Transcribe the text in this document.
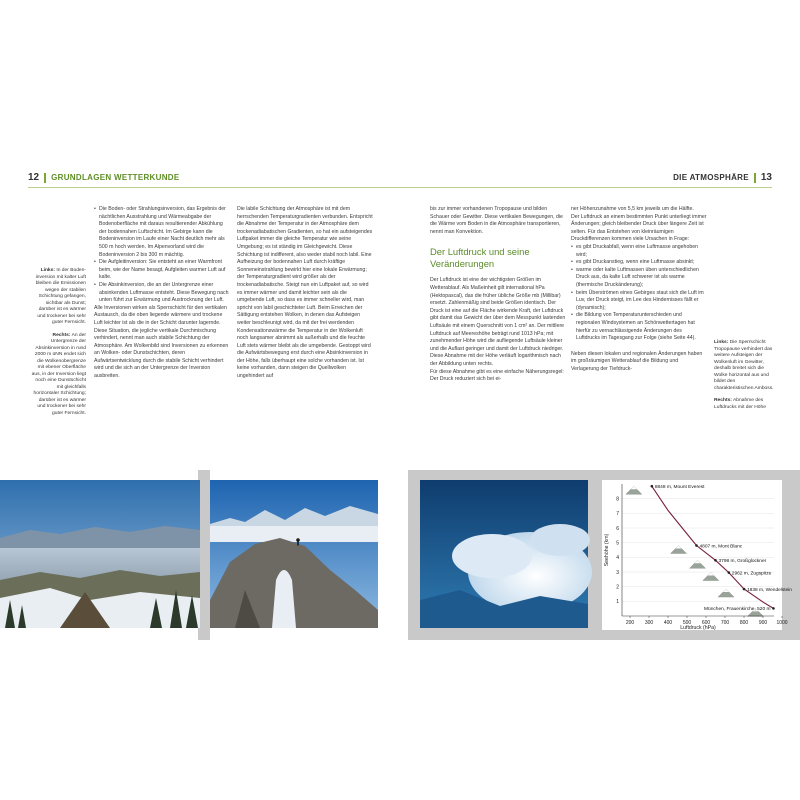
12 GRUNDLAGEN WETTERKUNDE	DIE ATMOSPHÄRE 13

Links: In der Boden-inversion mit kalter Luft bleiben die Emissionen wegen der stabilen Schichtung gefangen, sichtbar als Dunst; darüber ist es wärmer und trockener bei sehr guter Fernsicht.

Rechts: An der Untergrenze der Absinkinversion in rund 2000 m üNN endet sich die Wolkenobergrenze mit ebener Oberfläche aus, in der Inversion liegt noch eine Dunstschicht mit gleichfalls horizontaler Schichtung; darüber ist es wärmer und trockener bei sehr guter Fernsicht.

• Die Boden- oder Strahlungsinversion, das Ergebnis der nächtlichen Ausstrahlung und Wärmeabgabe der Bodenoberfläche mit daraus resultierender Abkühlung der bodennahen Luftschicht. Im Gebirge kann die Bodeninversion im Laufe einer Nacht deutlich mehr als 500 m hoch werden. Im Alpenvorland wird die Bodeninversion 2 bis 300 m mächtig.

• Die Aufgleitinversion: Sie entsteht an einer Warmfront beim, wie der Name besagt, Aufgleiten warmer Luft auf kalte.

• Die Absinkinversion, die an der Untergrenze einer absinkenden Luftmasse entsteht. Diese Bewegung nach unten führt zur Erwärmung und Austrocknung der Luft.

Alle Inversionen wirken als Sperrschicht für den vertikalen Austausch, da die oben liegende wärmere und trockene Luft leichter ist als die in der Schicht darunter lagernde. Diese Situation, die jegliche vertikale Durchmischung verhindert, nennt man auch stabile Schichtung der Atmosphäre. Am Wolkenbild sind Inversionen zu erkennen an Wolken- oder Dunstschichten, deren Aufwärtsentwicklung durch die stabile Schicht verhindert wird und die sich an der Untergrenze der Inversion ausbreiten.

Die labile Schichtung der Atmosphäre ist mit dem herrschenden Temperaturgradienten verbunden. Entspricht die Abnahme der Temperatur in der Atmosphäre dem trockenadiabatischen Gradienten, so hat ein aufsteigendes Luftpaket immer die gleiche Temperatur wie seine Umgebung; es ist ständig im Gleichgewicht. Diese Schichtung ist indifferent, also weder stabil noch labil. Eine Aufheizung der bodennahen Luft durch kräftige Sonneneinstrahlung bewirkt hier eine lokale Erwärmung; der Temperaturgradient wird größer als der trockenadiabatische. Steigt nun ein Luftpaket auf, so wird es immer wärmer und damit leichter sein als die umgebende Luft, so dass es immer schneller wird, man spricht von labil geschichteter Luft. Beim Erreichen der Sättigung entstehen Wolken, in denen das Aufsteigen weiter beschleunigt wird, da mit der frei werdenden Kondensationswärme die Temperatur in der Wolkenluft noch langsamer abnimmt als außerhalb und die feuchte Luft stets wärmer bleibt als die umgebende. Gestoppt wird die Aufwärtsbewegung erst durch eine Absinkinversion in der Höhe, falls überhaupt eine solche vorhanden ist. Ist keine vorhanden, dann steigen die Quellwolken ungehindert auf

bis zur immer vorhandenen Tropopause und bilden Schauer oder Gewitter. Diese vertikalen Bewegungen, die die Wärme vom Boden in die Atmosphäre transportieren, nennt man Konvektion.

Der Luftdruck und seine Veränderungen

Der Luftdruck ist eine der wichtigsten Größen im Wetterablauf. Als Maßeinheit gilt international hPa (Hektopascal), das die früher übliche Größe mb (Millibar) ersetzt. Zahlenmäßig sind beide Größen identisch. Der Druck ist eine auf die Fläche wirkende Kraft, der Luftdruck gibt damit das Gewicht der über dem Messpunkt lastenden Luftsäule mit einem Querschnitt von 1 cm² an. Der mittlere Luftdruck auf Meereshöhe beträgt rund 1013 hPa; mit zunehmender Höhe wird die aufliegende Luftsäule kleiner und die Auflast geringer und damit der Luftdruck niedriger. Diese Abnahme mit der Höhe verläuft logarithmisch nach der Abbildung unten rechts.

Für diese Abnahme gibt es eine einfache Näherungsregel: Der Druck reduziert sich bei ei-

ner Höhenzunahme von 5,5 km jeweils um die Hälfte.

Der Luftdruck an einem bestimmten Punkt unterliegt immer Änderungen; gleich bleibender Druck über längere Zeit ist selten. Für das Entstehen von kleinräumigen Druckdifferenzen kommen viele Ursachen in Frage:

• es gibt Druckabfall, wenn eine Luftmasse angehoben wird;

• es gibt Druckanstieg, wenn eine Luftmasse absinkt;

• warme oder kalte Luftmassen üben unterschiedlichen Druck aus, da kalte Luft schwerer ist als warme (thermische Druckänderung);

• beim Überströmen eines Gebirges staut sich die Luft im Luv, der Druck steigt, im Lee des Hindernisses fällt er (dynamisch);

• die Bildung von Temperaturunterschieden und regionalen Windsystemen an Schönwettertagen hat hierfür zu vernachlässigende Änderungen des Luftdrucks im Tagesgang zur Folge (siehe Seite 44).

Neben diesen lokalen und regionalen Änderungen haben im großräumigen Wetterablauf die Bildung und Verlagerung der Tiefdruck-

Links: Die Sperrschicht Tropopause verhindert das weitere Aufsteigen der Wolkenluft im Gewitter, deshalb breitet sich die Wolke horizontal aus und bildet den charakteristischen Amboss.

Rechts: Abnahme des Luftdrucks mit der Höhe

8848 m, Mount Everest
4807 m, Mont Blanc
3798 m, Großglockner
2962 m, Zugspitze
1838 m, Wendelstein
München, Frauenkirche, 520 m
200 300 400 500 600 700 800 900 1000
1
2
3
4
5
6
7
8
Luftdruck (hPa)
Seehöhe (km)
